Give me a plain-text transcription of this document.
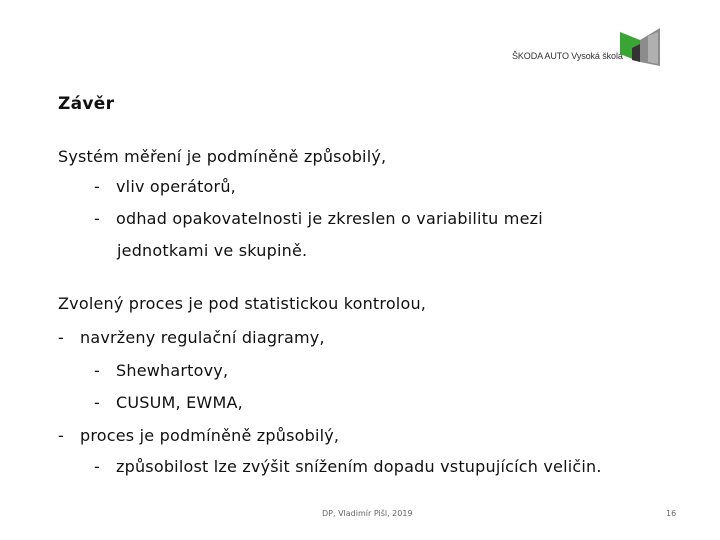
ŠKODA AUTO Vysoká škola
Závěr
Systém měření je podmíněně způsobilý,
- vliv operátorů,
- odhad opakovatelnosti je zkreslen o variabilitu mezi
jednotkami ve skupině.
Zvolený proces je pod statistickou kontrolou,
- navrženy regulační diagramy,
- Shewhartovy,
- CUSUM, EWMA,
- proces je podmíněně způsobilý,
- způsobilost lze zvýšit snížením dopadu vstupujících veličin.
DP, Vladimír Pišl, 2019	16
